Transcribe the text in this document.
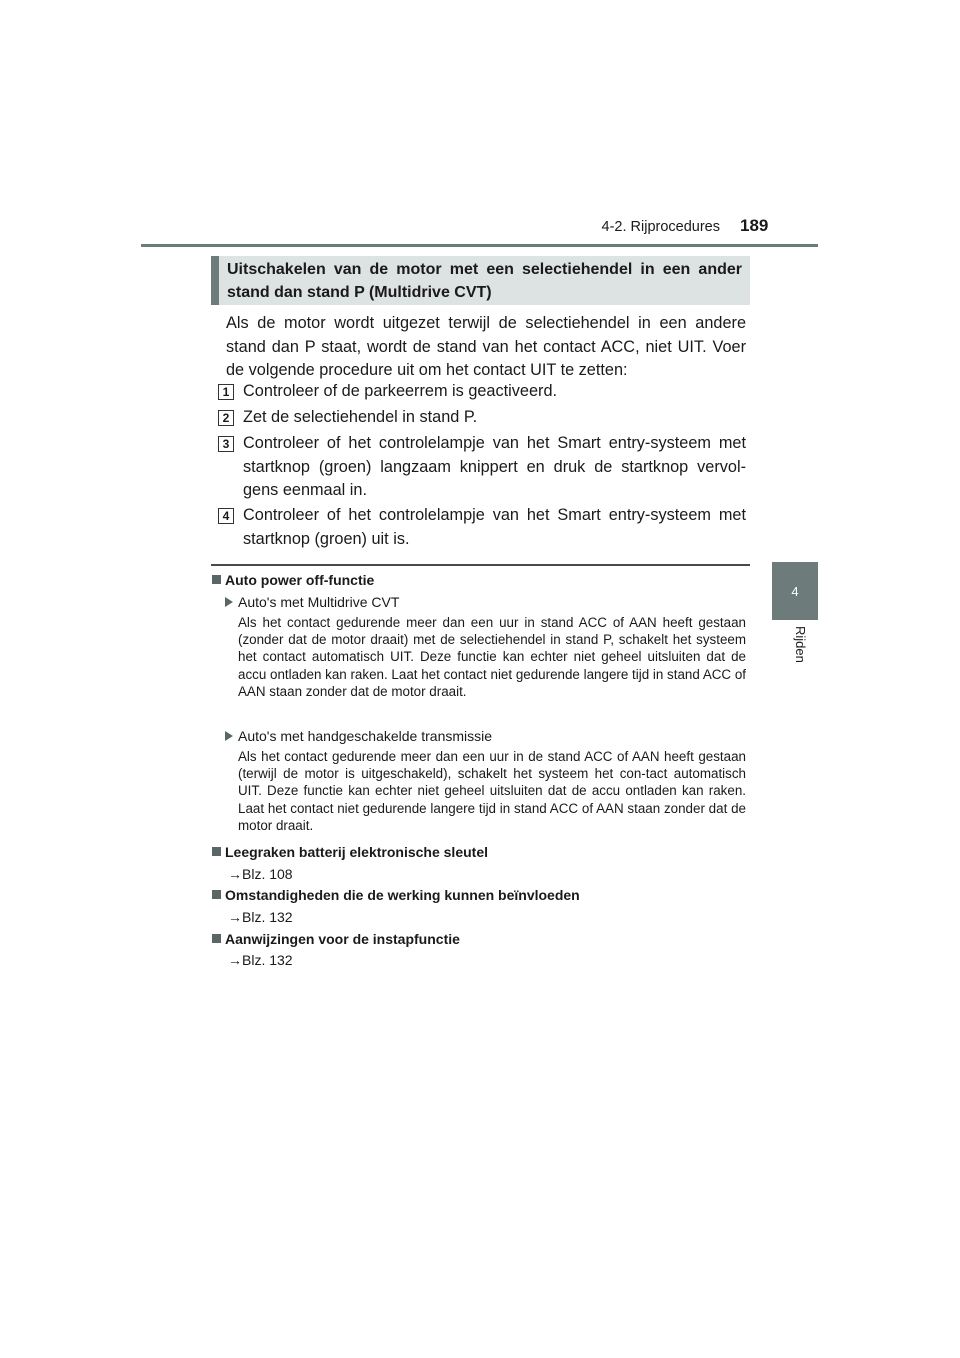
4-2. Rijprocedures 189
4
Rijden
Uitschakelen van de motor met een selectiehendel in een ander stand dan stand P (Multidrive CVT)
Als de motor wordt uitgezet terwijl de selectiehendel in een andere stand dan P staat, wordt de stand van het contact ACC, niet UIT. Voer de volgende procedure uit om het contact UIT te zetten:
1 Controleer of de parkeerrem is geactiveerd.
2 Zet de selectiehendel in stand P.
3 Controleer of het controlelampje van het Smart entry-systeem met startknop (groen) langzaam knippert en druk de startknop vervol-gens eenmaal in.
4 Controleer of het controlelampje van het Smart entry-systeem met startknop (groen) uit is.
Auto power off-functie
Auto's met Multidrive CVT
Als het contact gedurende meer dan een uur in stand ACC of AAN heeft gestaan (zonder dat de motor draait) met de selectiehendel in stand P, schakelt het systeem het contact automatisch UIT. Deze functie kan echter niet geheel uitsluiten dat de accu ontladen kan raken. Laat het contact niet gedurende langere tijd in stand ACC of AAN staan zonder dat de motor draait.
Auto's met handgeschakelde transmissie
Als het contact gedurende meer dan een uur in de stand ACC of AAN heeft gestaan (terwijl de motor is uitgeschakeld), schakelt het systeem het con-tact automatisch UIT. Deze functie kan echter niet geheel uitsluiten dat de accu ontladen kan raken. Laat het contact niet gedurende langere tijd in stand ACC of AAN staan zonder dat de motor draait.
Leegraken batterij elektronische sleutel
→Blz. 108
Omstandigheden die de werking kunnen beïnvloeden
→Blz. 132
Aanwijzingen voor de instapfunctie
→Blz. 132
